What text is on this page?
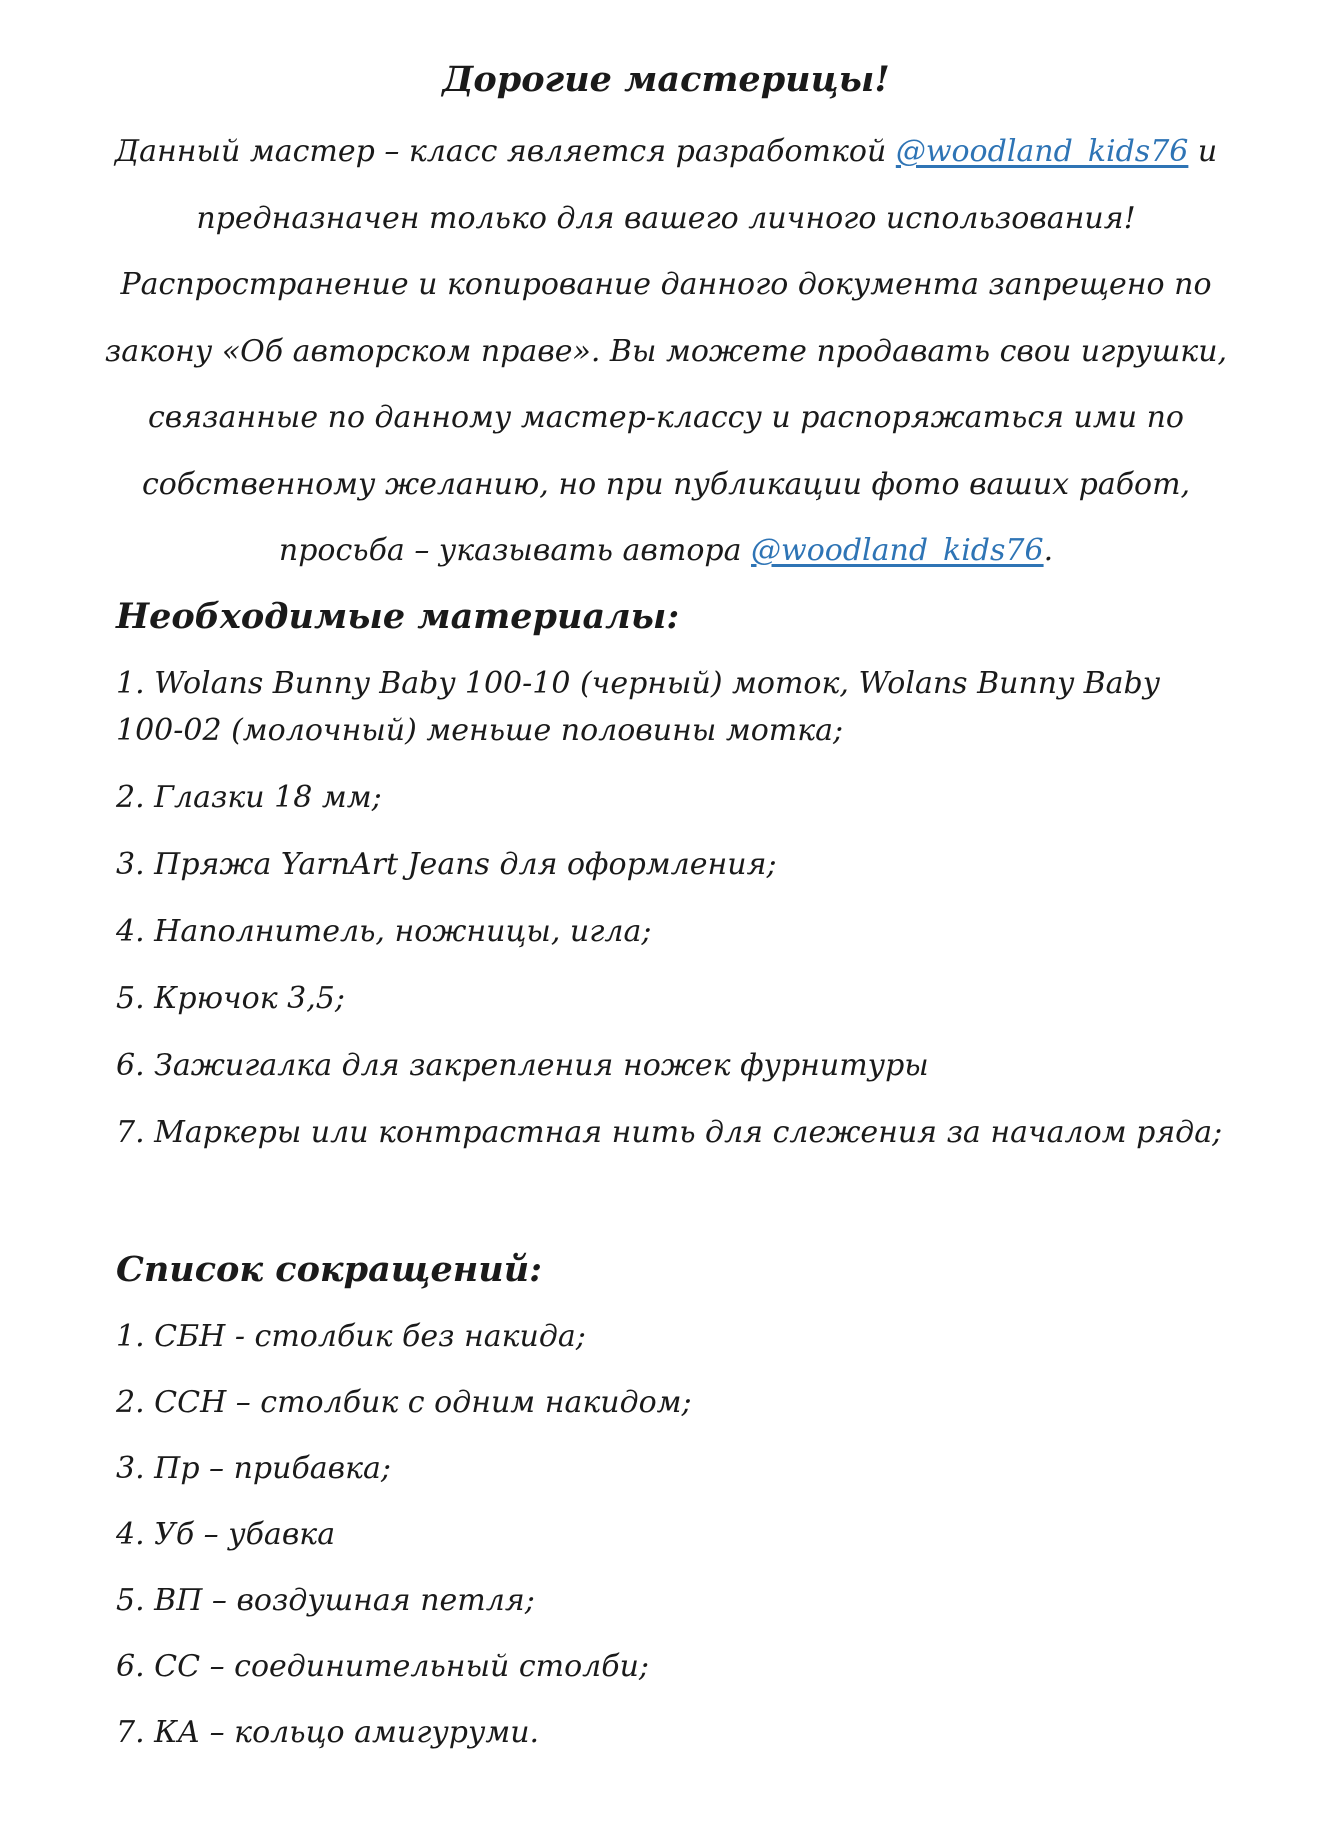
Дорогие мастерицы!

Данный мастер – класс является разработкой @woodland_kids76 и предназначен только для вашего личного использования! Распространение и копирование данного документа запрещено по закону «Об авторском праве». Вы можете продавать свои игрушки, связанные по данному мастер-классу и распоряжаться ими по собственному желанию, но при публикации фото ваших работ, просьба – указывать автора @woodland_kids76.

Необходимые материалы:
1. Wolans Bunny Baby 100-10 (черный) моток, Wolans Bunny Baby 100-02 (молочный) меньше половины мотка;
2. Глазки 18 мм;
3. Пряжа YarnArt Jeans для оформления;
4. Наполнитель, ножницы, игла;
5. Крючок 3,5;
6. Зажигалка для закрепления ножек фурнитуры
7. Маркеры или контрастная нить для слежения за началом ряда;
Список сокращений:
1. СБН - столбик без накида;
2. ССН – столбик с одним накидом;
3. Пр – прибавка;
4. Уб – убавка
5. ВП – воздушная петля;
6. СС – соединительный столби;
7. КА – кольцо амигуруми.
